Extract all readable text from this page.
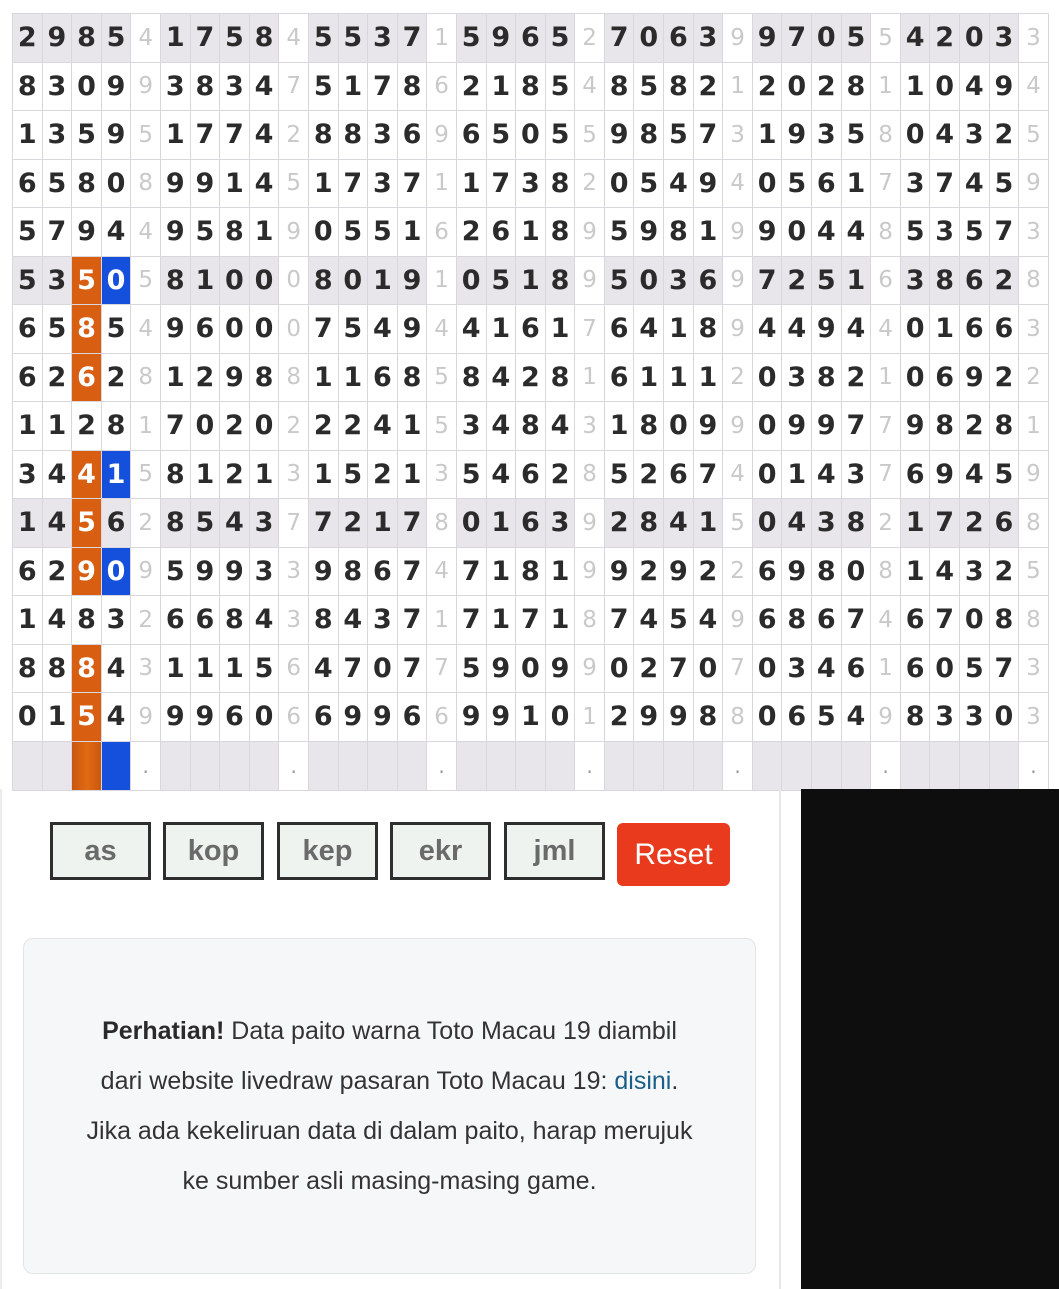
2	9	8	5	4	1	7	5	8	4	5	5	3	7	1	5	9	6	5	2	7	0	6	3	9	9	7	0	5	5	4	2	0	3	3
8	3	0	9	9	3	8	3	4	7	5	1	7	8	6	2	1	8	5	4	8	5	8	2	1	2	0	2	8	1	1	0	4	9	4
1	3	5	9	5	1	7	7	4	2	8	8	3	6	9	6	5	0	5	5	9	8	5	7	3	1	9	3	5	8	0	4	3	2	5
6	5	8	0	8	9	9	1	4	5	1	7	3	7	1	1	7	3	8	2	0	5	4	9	4	0	5	6	1	7	3	7	4	5	9
5	7	9	4	4	9	5	8	1	9	0	5	5	1	6	2	6	1	8	9	5	9	8	1	9	9	0	4	4	8	5	3	5	7	3
5	3	5	0	5	8	1	0	0	0	8	0	1	9	1	0	5	1	8	9	5	0	3	6	9	7	2	5	1	6	3	8	6	2	8
6	5	8	5	4	9	6	0	0	0	7	5	4	9	4	4	1	6	1	7	6	4	1	8	9	4	4	9	4	4	0	1	6	6	3
6	2	6	2	8	1	2	9	8	8	1	1	6	8	5	8	4	2	8	1	6	1	1	1	2	0	3	8	2	1	0	6	9	2	2
1	1	2	8	1	7	0	2	0	2	2	2	4	1	5	3	4	8	4	3	1	8	0	9	9	0	9	9	7	7	9	8	2	8	1
3	4	4	1	5	8	1	2	1	3	1	5	2	1	3	5	4	6	2	8	5	2	6	7	4	0	1	4	3	7	6	9	4	5	9
1	4	5	6	2	8	5	4	3	7	7	2	1	7	8	0	1	6	3	9	2	8	4	1	5	0	4	3	8	2	1	7	2	6	8
6	2	9	0	9	5	9	9	3	3	9	8	6	7	4	7	1	8	1	9	9	2	9	2	2	6	9	8	0	8	1	4	3	2	5
1	4	8	3	2	6	6	8	4	3	8	4	3	7	1	7	1	7	1	8	7	4	5	4	9	6	8	6	7	4	6	7	0	8	8
8	8	8	4	3	1	1	1	5	6	4	7	0	7	7	5	9	0	9	9	0	2	7	0	7	0	3	4	6	1	6	0	5	7	3
0	1	5	4	9	9	9	6	0	6	6	9	9	6	6	9	9	1	0	1	2	9	9	8	8	0	6	5	4	9	8	3	3	0	3
				.					.					.					.					.					.					.
as	kop	kep	ekr	jml	Reset

Perhatian! Data paito warna Toto Macau 19 diambil dari website livedraw pasaran Toto Macau 19: disini. Jika ada kekeliruan data di dalam paito, harap merujuk ke sumber asli masing-masing game.
